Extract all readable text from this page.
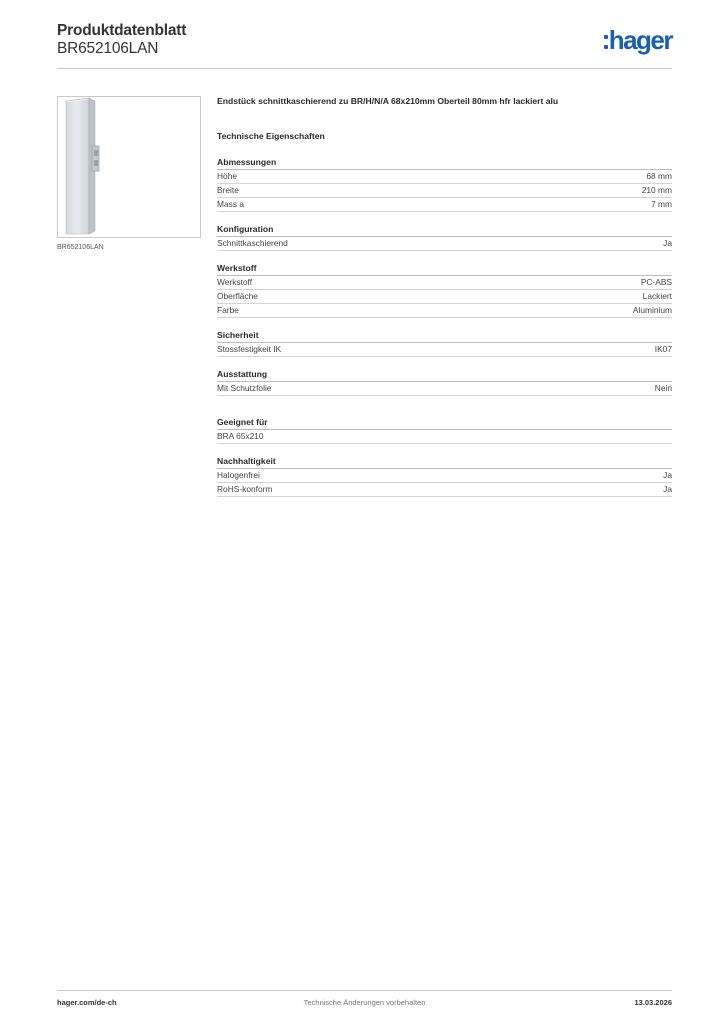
Produktdatenblatt
BR652106LAN	hager
BR652106LAN
Endstück schnittkaschierend zu BR/H/N/A 68x210mm Oberteil 80mm hfr lackiert alu
Technische Eigenschaften
Abmessungen
Höhe	68 mm
Breite	210 mm
Mass a	7 mm
Konfiguration
Schnittkaschierend	Ja
Werkstoff
Werkstoff	PC-ABS
Oberfläche	Lackiert
Farbe	Aluminium
Sicherheit
Stossfestigkeit IK	IK07
Ausstattung
Mit Schutzfolie	Nein
Geeignet für
BRA 65x210
Nachhaltigkeit
Halogenfrei	Ja
RoHS-konform	Ja
hager.com/de-ch	Technische Änderungen vorbehalten	13.03.2026
